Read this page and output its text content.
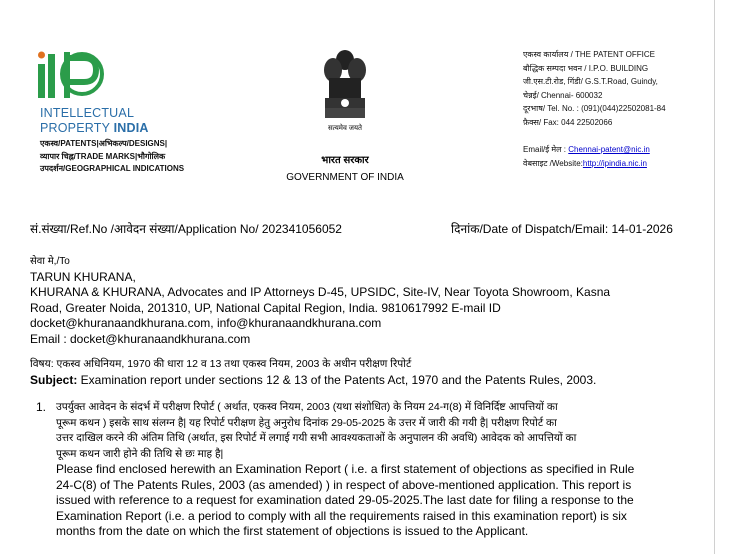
INTELLECTUAL
PROPERTY INDIA
एकस्व/PATENTS|अभिकल्प/DESIGNS|
व्यापार चिह्न/TRADE MARKS|भौगोलिक
उपदर्शन/GEOGRAPHICAL INDICATIONS
सत्यमेव जयते
भारत सरकार
GOVERNMENT OF INDIA
एकस्व कार्यालय / THE PATENT OFFICE
बौद्धिक सम्पदा भवन / I.P.O. BUILDING
जी.एस.टी.रोड, गिंडी/ G.S.T.Road, Guindy,
चेन्नई/ Chennai- 600032
दूरभाष/ Tel. No. : (091)(044)22502081-84
फ़ैक्स/ Fax: 044 22502066
Email/ई मेल : Chennai-patent@nic.in
वेबसाइट /Website:http://ipindia.nic.in
सं.संख्या/Ref.No /आवेदन संख्या/Application No/ 202341056052	दिनांक/Date of Dispatch/Email: 14-01-2026
सेवा मे,/To
TARUN KHURANA,
KHURANA & KHURANA, Advocates and IP Attorneys D-45, UPSIDC, Site-IV, Near Toyota Showroom, Kasna
Road, Greater Noida, 201310, UP, National Capital Region, India. 9810617992 E-mail ID
docket@khuranaandkhurana.com, info@khuranaandkhurana.com
Email : docket@khuranaandkhurana.com
विषय: एकस्व अधिनियम, 1970 की धारा 12 व 13 तथा एकस्व नियम, 2003 के अधीन परीक्षण रिपोर्ट
Subject: Examination report under sections 12 & 13 of the Patents Act, 1970 and the Patents Rules, 2003.
1. उपर्युक्त आवेदन के संदर्भ में परीक्षण रिपोर्ट ( अर्थात, एकस्व नियम, 2003 (यथा संशोधित) के नियम 24-ग(8) में विनिर्दिष्ट आपत्तियों का
पूरूम कथन ) इसके साथ संलग्न है| यह रिपोर्ट परीक्षण हेतु अनुरोध दिनांक 29-05-2025 के उत्तर में जारी की गयी है| परीक्षण रिपोर्ट का
उत्तर दाखिल करने की अंतिम तिथि (अर्थात, इस रिपोर्ट में लगाई गयी सभी आवश्यकताओं के अनुपालन की अवधि) आवेदक को आपत्तियों का
पूरूम कथन जारी होने की तिथि से छः माह है|
Please find enclosed herewith an Examination Report ( i.e. a first statement of objections as specified in Rule
24-C(8) of The Patents Rules, 2003 (as amended) ) in respect of above-mentioned application. This report is
issued with reference to a request for examination dated 29-05-2025.The last date for filing a response to the
Examination Report (i.e. a period to comply with all the requirements raised in this examination report) is six
months from the date on which the first statement of objections is issued to the Applicant.
